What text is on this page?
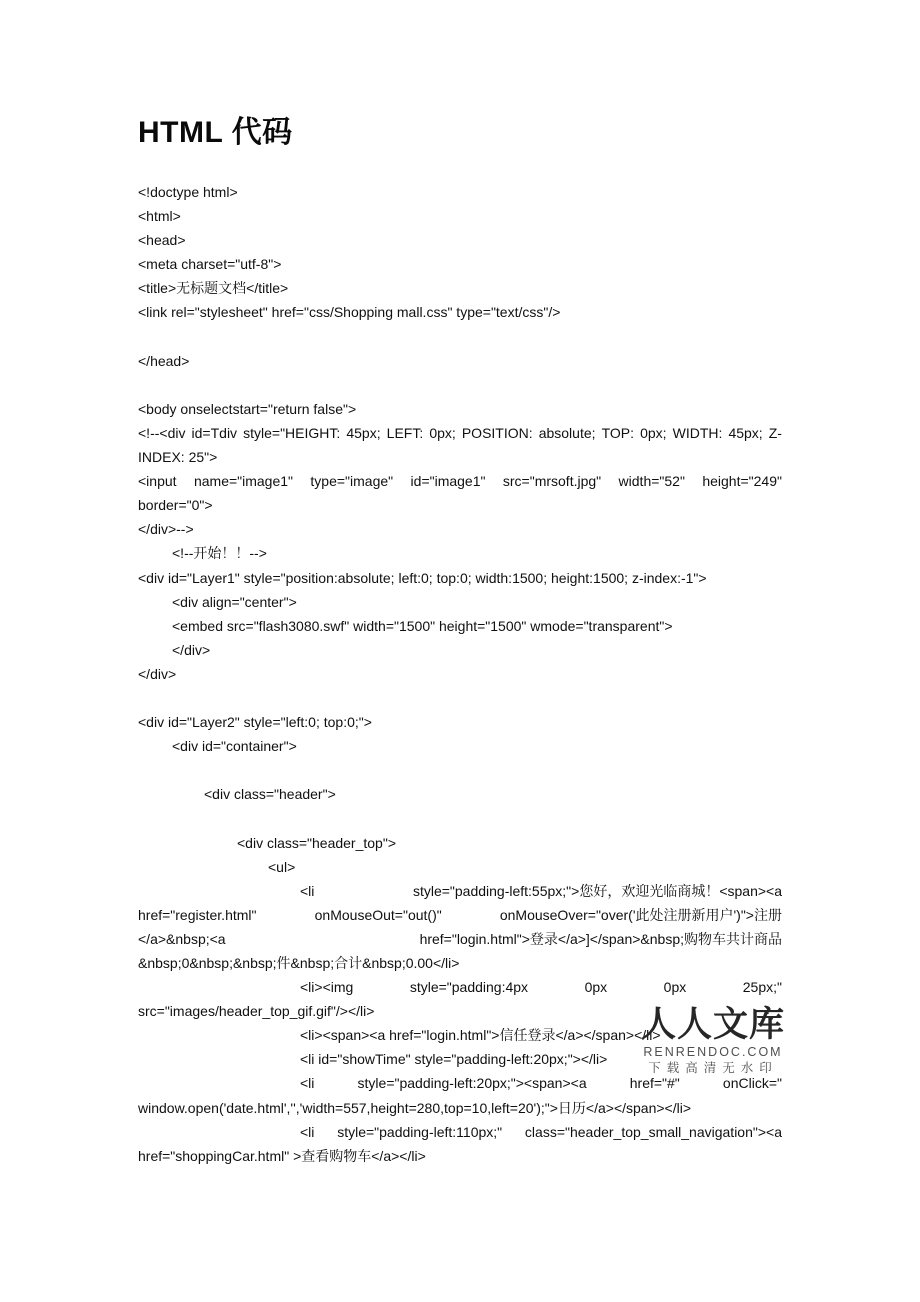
HTML 代码
<!doctype html>
<html>
<head>
<meta charset="utf-8">
<title>无标题文档</title>
<link rel="stylesheet" href="css/Shopping mall.css" type="text/css"/>
</head>
<body onselectstart="return false">
<!--<div id=Tdiv style="HEIGHT: 45px; LEFT: 0px; POSITION: absolute; TOP: 0px; WIDTH: 45px; Z-
INDEX: 25">
<input name="image1" type="image" id="image1" src="mrsoft.jpg" width="52" height="249"
border="0">
</div>-->
<!--开始！！-->
<div id="Layer1" style="position:absolute; left:0; top:0; width:1500; height:1500; z-index:-1">
<div align="center">
<embed src="flash3080.swf" width="1500" height="1500" wmode="transparent">
</div>
</div>
<div id="Layer2" style="left:0; top:0;">
<div id="container">
<div class="header">
<div class="header_top">
<ul>
<li	style="padding-left:55px;">您好，欢迎光临商城！<span><a
href="register.html"	onMouseOut="out()"	onMouseOver="over('此处注册新用户')">注册
</a>&nbsp;<a	href="login.html">登录</a>]</span>&nbsp;购物车共计商品
&nbsp;0&nbsp;&nbsp;件&nbsp;合计&nbsp;0.00</li>
<li><img	style="padding:4px	0px	0px	25px;"
src="images/header_top_gif.gif"/></li>
<li><span><a href="login.html">信任登录</a></span></li>
<li id="showTime" style="padding-left:20px;"></li>
<li	style="padding-left:20px;"><span><a	href="#"	onClick="
window.open('date.html','','width=557,height=280,top=10,left=20');">日历</a></span></li>
<li style="padding-left:110px;" class="header_top_small_navigation"><a
href="shoppingCar.html" >查看购物车</a></li>
人人文库
RENRENDOC.COM
下载高清无水印
